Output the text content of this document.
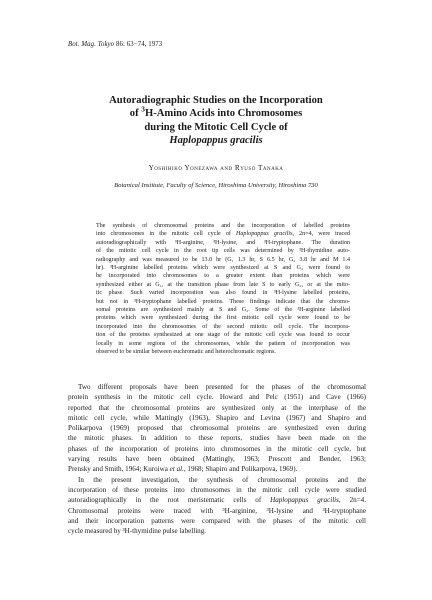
Bot. Mag. Tokyo 86: 63−74, 1973
Autoradiographic Studies on the Incorporation
of $^3$H-Amino Acids into Chromosomes
during the Mitotic Cell Cycle of
Haplopappus gracilis
Yoshihiko Yonezawa and Ryuso Tanaka
Botanical Institute, Faculty of Science, Hiroshima University, Hiroshima 730
The synthesis of chromosomal proteins and the incorporation of labelled proteins
into chromosomes in the mitotic cell cycle of Haplopappus gracilis, 2n=4, were traced
autoradiographically with ³H-arginine, ³H-lysine, and ³H-tryptophane. The duration
of the mitotic cell cycle in the root tip cells was determined by ³H-thymidine auto-
radiography and was measured to be 13.0 hr (G₁ 1.3 hr, S 6.5 hr, G₂ 3.8 hr and M 1.4
hr). ³H-arginine labelled proteins which were synthesized at S and G₂ were found to
be incorporated into chromosomes to a greater extent than proteins which were
synthesized either at G₁, at the transition phase from late S to early G₂, or at the mito-
tic phase. Such varied incorporation was also found in ³H-lysine labelled proteins,
but not in ³H-tryptophane labelled proteins. These findings indicate that the chromo-
somal proteins are synthesized mainly at S and G₂. Some of the ³H-arginine labelled
proteins which were synthesized during the first mitotic cell cycle were found to be
incorporated into the chromosomes of the second mitotic cell cycle. The incorpora-
tion of the proteins synthesized at one stage of the mitotic cell cycle was found to occur
locally in some regions of the chromosomes, while the pattern of incorporation was
observed to be similar between euchromatic and heterochromatic regions.
Two different proposals have been presented for the phases of the chromosomal
protein synthesis in the mitotic cell cycle. Howard and Pelc (1951) and Cave (1966)
reported that the chromosomal proteins are synthesized only at the interphase of the
mitotic cell cycle, while Mattingly (1963), Shapiro and Levina (1967) and Shapiro and
Polikarpova (1969) proposed that chromosomal proteins are synthesized even during
the mitotic phases. In addition to these reports, studies have been made on the
phases of the incorporation of proteins into chromosomes in the mitotic cell cycle, but
varying results have been obtained (Mattingly, 1963; Prescott and Bender, 1963;
Prensky and Smith, 1964; Kuroiwa et al., 1968; Shapiro and Polikarpova, 1969).
In the present investigation, the synthesis of chromosomal proteins and the
incorporation of these proteins into chromosomes in the mitotic cell cycle were studied
autoradiographically in the root meristematic cells of Haplopappus gracilis, 2n=4.
Chromosomal proteins were traced with ³H-arginine, ³H-lysine and ³H-tryptophane
and their incorporation patterns were compared with the phases of the mitotic cell
cycle measured by ³H-thymidine pulse labelling.
